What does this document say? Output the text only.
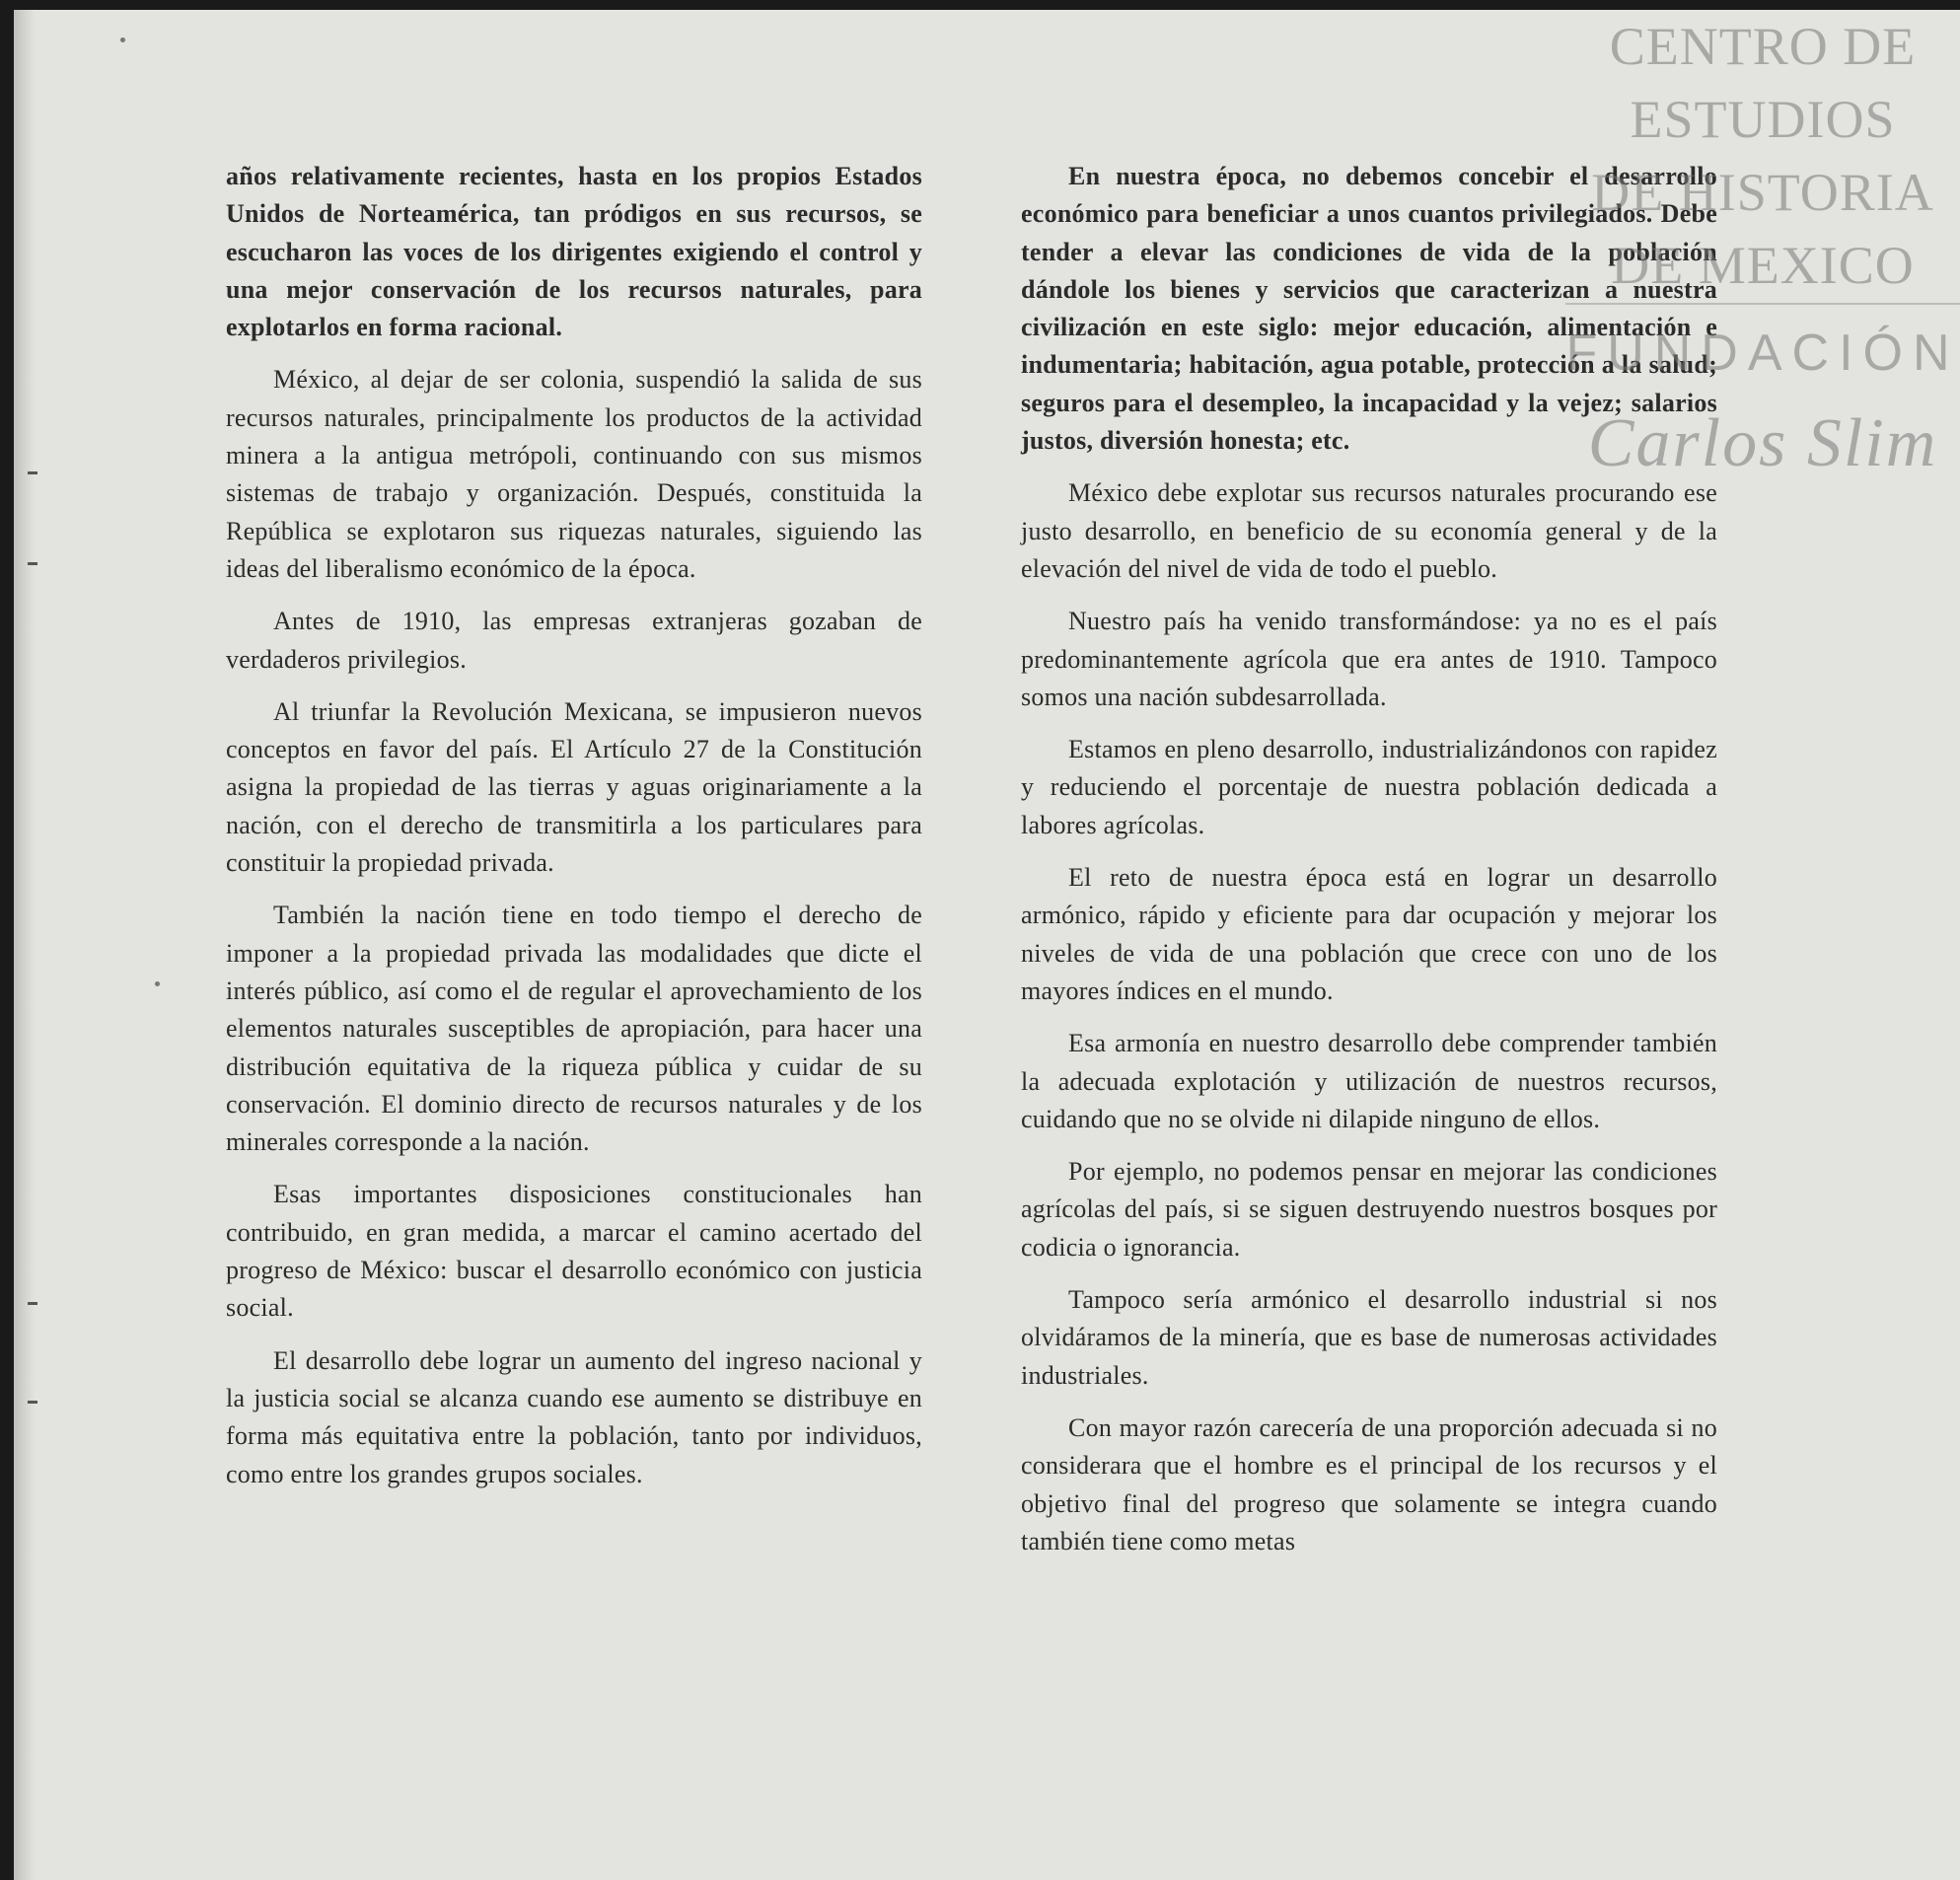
años relativamente recientes, hasta en los propios Estados Unidos de Norteamérica, tan pródigos en sus recursos, se escucharon las voces de los dirigentes exigiendo el control y una mejor conservación de los recursos naturales, para explotarlos en forma racional.

México, al dejar de ser colonia, suspendió la salida de sus recursos naturales, principalmente los productos de la actividad minera a la antigua metrópoli, continuando con sus mismos sistemas de trabajo y organización. Después, constituida la República se explotaron sus riquezas naturales, siguiendo las ideas del liberalismo económico de la época.

Antes de 1910, las empresas extranjeras gozaban de verdaderos privilegios.

Al triunfar la Revolución Mexicana, se impusieron nuevos conceptos en favor del país. El Artículo 27 de la Constitución asigna la propiedad de las tierras y aguas originariamente a la nación, con el derecho de transmitirla a los particulares para constituir la propiedad privada.

También la nación tiene en todo tiempo el derecho de imponer a la propiedad privada las modalidades que dicte el interés público, así como el de regular el aprovechamiento de los elementos naturales susceptibles de apropiación, para hacer una distribución equitativa de la riqueza pública y cuidar de su conservación. El dominio directo de recursos naturales y de los minerales corresponde a la nación.

Esas importantes disposiciones constitucionales han contribuido, en gran medida, a marcar el camino acertado del progreso de México: buscar el desarrollo económico con justicia social.

El desarrollo debe lograr un aumento del ingreso nacional y la justicia social se alcanza cuando ese aumento se distribuye en forma más equitativa entre la población, tanto por individuos, como entre los grandes grupos sociales.

En nuestra época, no debemos concebir el desarrollo económico para beneficiar a unos cuantos privilegiados. Debe tender a elevar las condiciones de vida de la población dándole los bienes y servicios que caracterizan a nuestra civilización en este siglo: mejor educación, alimentación e indumentaria; habitación, agua potable, protección a la salud; seguros para el desempleo, la incapacidad y la vejez; salarios justos, diversión honesta; etc.

México debe explotar sus recursos naturales procurando ese justo desarrollo, en beneficio de su economía general y de la elevación del nivel de vida de todo el pueblo.

Nuestro país ha venido transformándose: ya no es el país predominantemente agrícola que era antes de 1910. Tampoco somos una nación subdesarrollada.

Estamos en pleno desarrollo, industrializándonos con rapidez y reduciendo el porcentaje de nuestra población dedicada a labores agrícolas.

El reto de nuestra época está en lograr un desarrollo armónico, rápido y eficiente para dar ocupación y mejorar los niveles de vida de una población que crece con uno de los mayores índices en el mundo.

Esa armonía en nuestro desarrollo debe comprender también la adecuada explotación y utilización de nuestros recursos, cuidando que no se olvide ni dilapide ninguno de ellos.

Por ejemplo, no podemos pensar en mejorar las condiciones agrícolas del país, si se siguen destruyendo nuestros bosques por codicia o ignorancia.

Tampoco sería armónico el desarrollo industrial si nos olvidáramos de la minería, que es base de numerosas actividades industriales.

Con mayor razón carecería de una proporción adecuada si no considerara que el hombre es el principal de los recursos y el objetivo final del progreso que solamente se integra cuando también tiene como metas

CENTRO DE
ESTUDIOS
DE HISTORIA
DE MEXICO
FUNDACIÓN
Carlos Slim
